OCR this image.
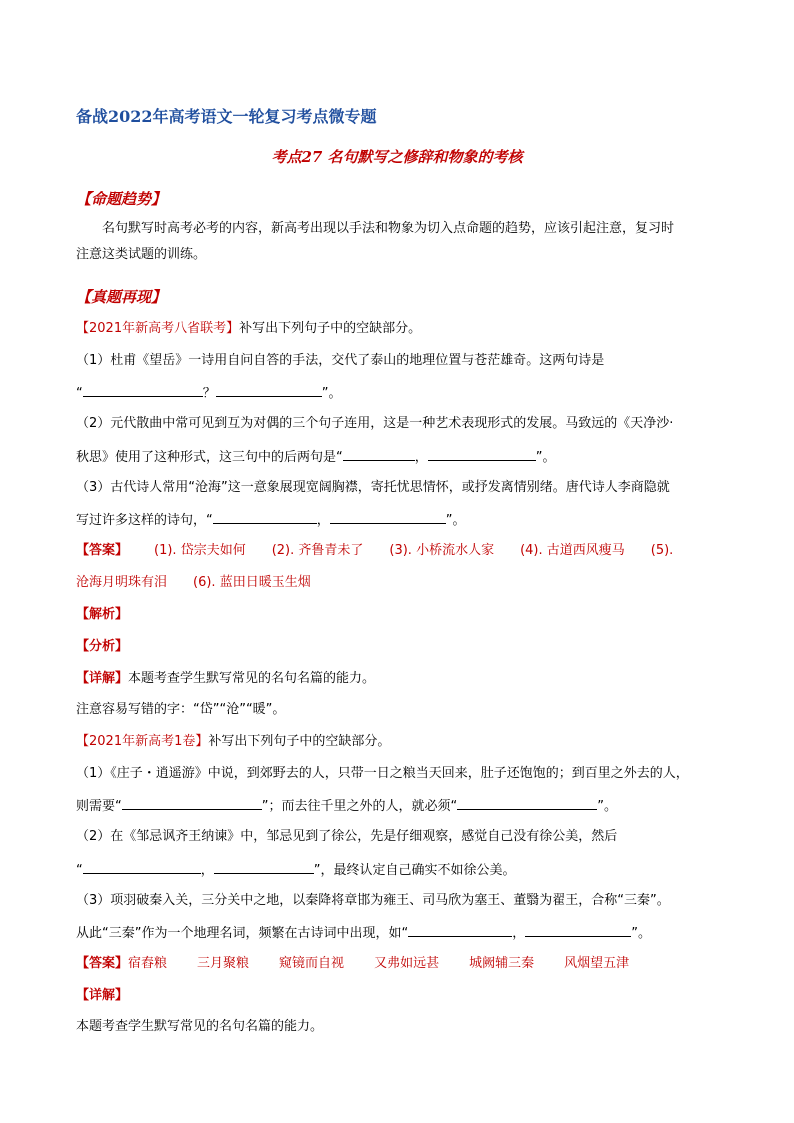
备战2022年高考语文一轮复习考点微专题
考点27 名句默写之修辞和物象的考核
【命题趋势】
名句默写时高考必考的内容，新高考出现以手法和物象为切入点命题的趋势，应该引起注意，复习时
注意这类试题的训练。
【真题再现】
【2021年新高考八省联考】补写出下列句子中的空缺部分。
（1）杜甫《望岳》一诗用自问自答的手法，交代了泰山的地理位置与苍茫雄奇。这两句诗是
“	？	”。
（2）元代散曲中常可见到互为对偶的三个句子连用，这是一种艺术表现形式的发展。马致远的《天净沙·
秋思》使用了这种形式，这三句中的后两句是“	，	”。
（3）古代诗人常用“沧海”这一意象展现宽阔胸襟，寄托忧思情怀，或抒发离情别绪。唐代诗人李商隐就
写过许多这样的诗句，“	，	”。
【答案】 (1). 岱宗夫如何 (2). 齐鲁青未了 (3). 小桥流水人家 (4). 古道西风瘦马 (5).
沧海月明珠有泪 (6). 蓝田日暖玉生烟
【解析】
【分析】
【详解】本题考查学生默写常见的名句名篇的能力。
注意容易写错的字：“岱”“沧”“暖”。
【2021年新高考1卷】补写出下列句子中的空缺部分。
（1）《庄子・逍遥游》中说，到郊野去的人，只带一日之粮当天回来，肚子还饱饱的；到百里之外去的人，
则需要“	”；而去往千里之外的人，就必须“	”。
（2）在《邹忌讽齐王纳谏》中，邹忌见到了徐公，先是仔细观察，感觉自己没有徐公美，然后
“	，	”，最终认定自己确实不如徐公美。
（3）项羽破秦入关，三分关中之地，以秦降将章邯为雍王、司马欣为塞王、董翳为翟王，合称“三秦”。
从此“三秦”作为一个地理名词，频繁在古诗词中出现，如“	，	”。
【答案】宿舂粮 三月聚粮 窥镜而自视 又弗如远甚 城阙辅三秦 风烟望五津
【详解】
本题考查学生默写常见的名句名篇的能力。
